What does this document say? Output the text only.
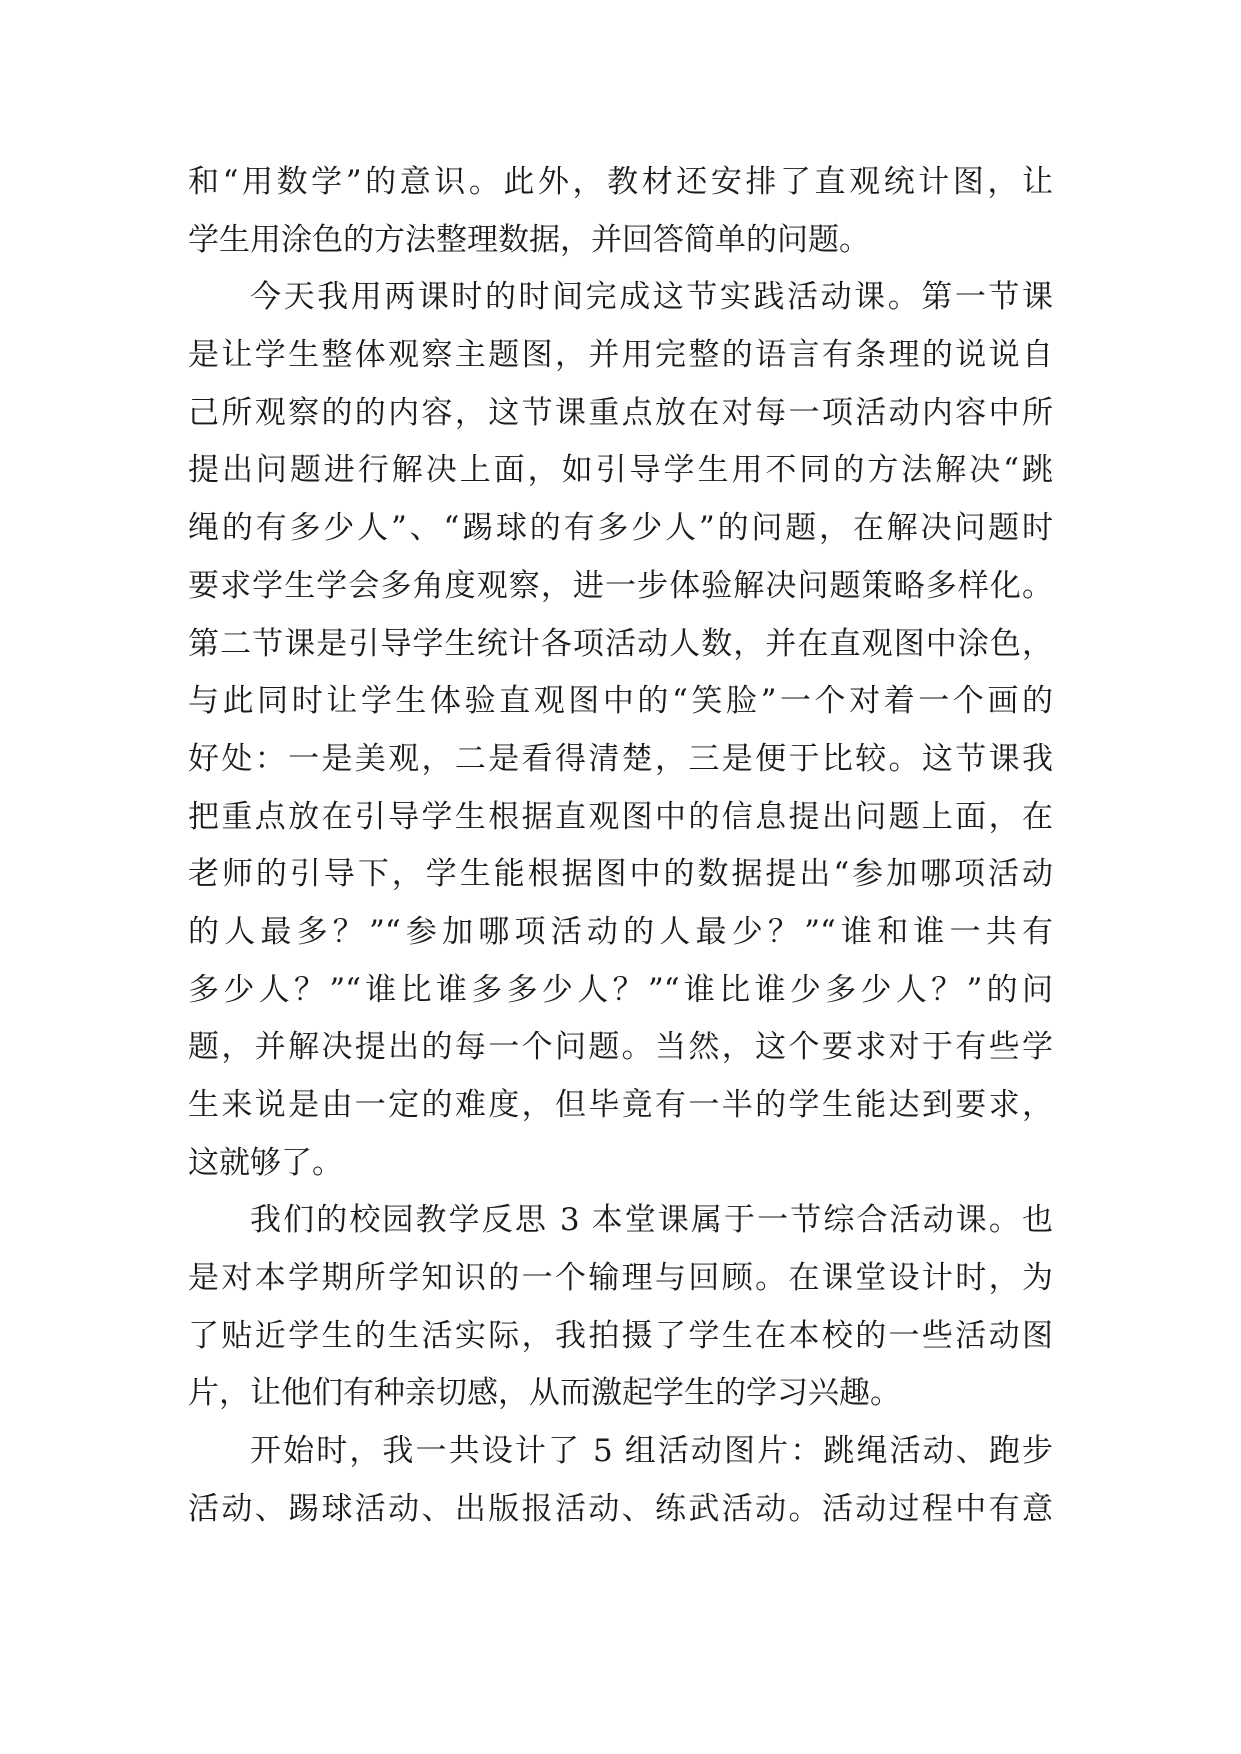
和“用数学”的意识。此外，教材还安排了直观统计图，让
学生用涂色的方法整理数据，并回答简单的问题。
今天我用两课时的时间完成这节实践活动课。第一节课
是让学生整体观察主题图，并用完整的语言有条理的说说自
己所观察的的内容，这节课重点放在对每一项活动内容中所
提出问题进行解决上面，如引导学生用不同的方法解决“跳
绳的有多少人”、“踢球的有多少人”的问题，在解决问题时
要求学生学会多角度观察，进一步体验解决问题策略多样化。
第二节课是引导学生统计各项活动人数，并在直观图中涂色，
与此同时让学生体验直观图中的“笑脸”一个对着一个画的
好处：一是美观，二是看得清楚，三是便于比较。这节课我
把重点放在引导学生根据直观图中的信息提出问题上面，在
老师的引导下，学生能根据图中的数据提出“参加哪项活动
的人最多？”“参加哪项活动的人最少？”“谁和谁一共有
多少人？”“谁比谁多多少人？”“谁比谁少多少人？”的问
题，并解决提出的每一个问题。当然，这个要求对于有些学
生来说是由一定的难度，但毕竟有一半的学生能达到要求，
这就够了。
我们的校园教学反思 3 本堂课属于一节综合活动课。也
是对本学期所学知识的一个输理与回顾。在课堂设计时，为
了贴近学生的生活实际，我拍摄了学生在本校的一些活动图
片，让他们有种亲切感，从而激起学生的学习兴趣。
开始时，我一共设计了 5 组活动图片：跳绳活动、跑步
活动、踢球活动、出版报活动、练武活动。活动过程中有意
